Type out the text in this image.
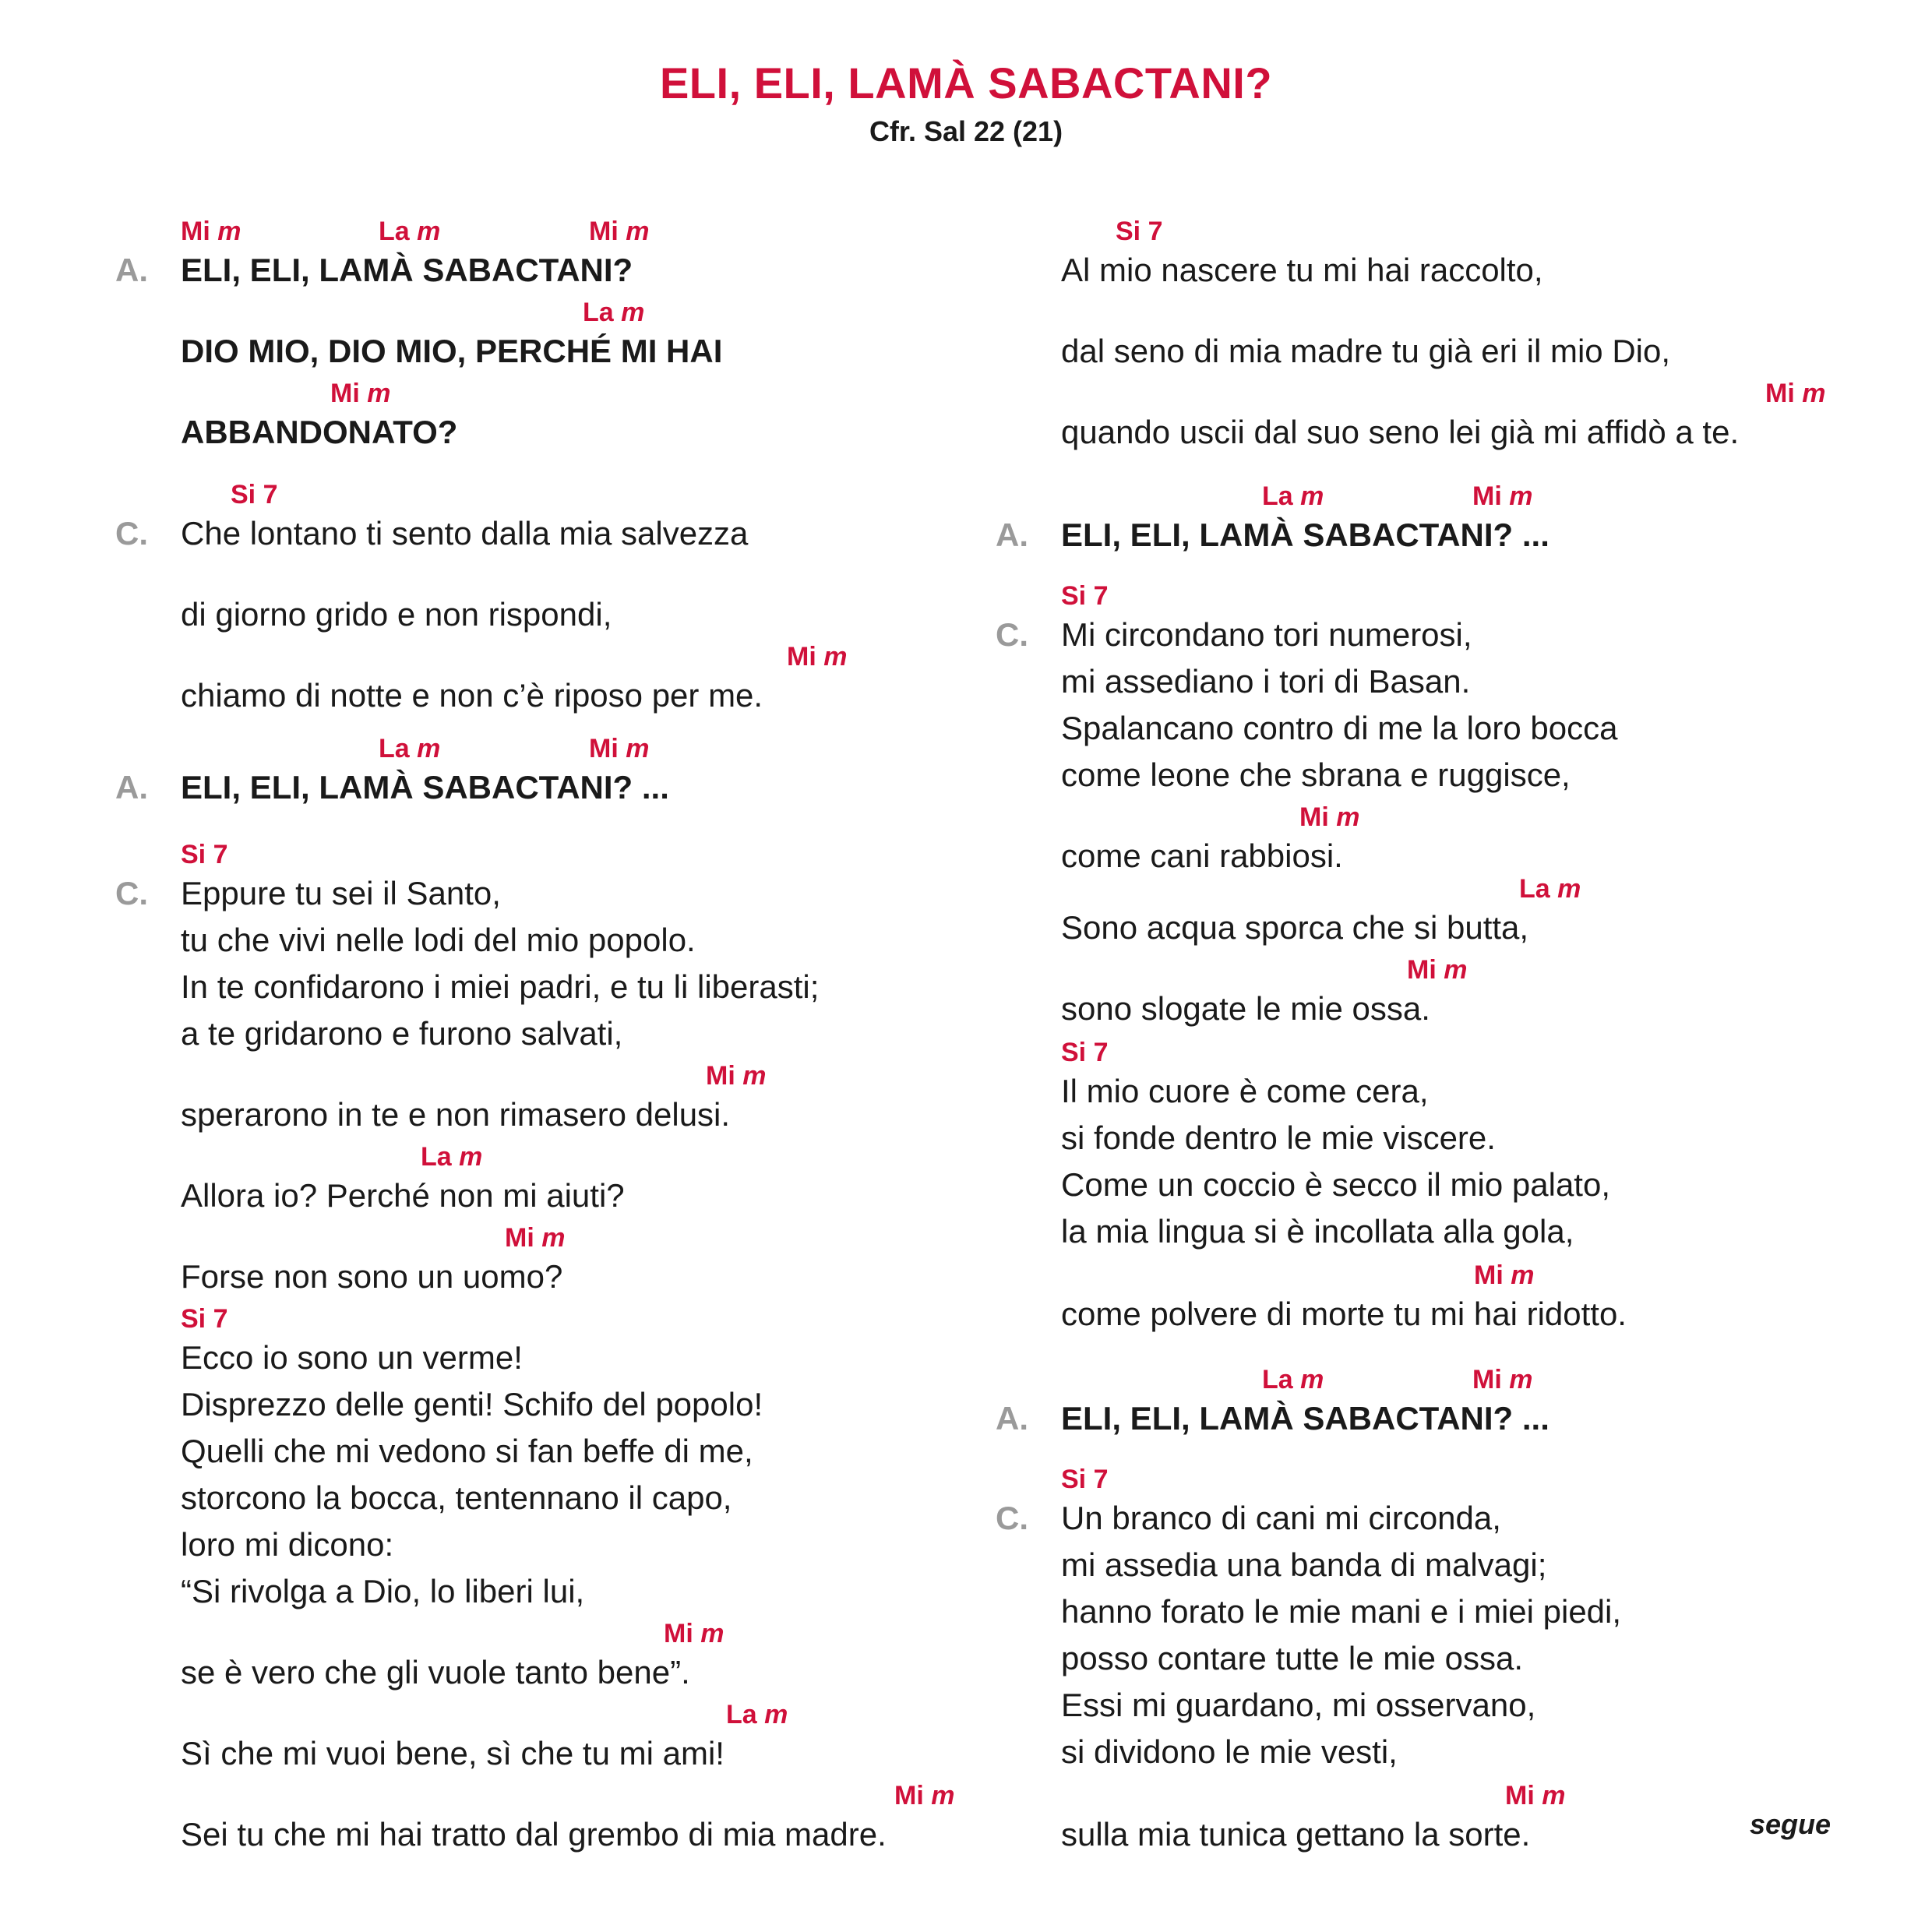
ELI, ELI, LAMÀ SABACTANI?
Cfr. Sal 22 (21)
A. ELI, ELI, LAMÀ SABACTANI?
Mi m	La m	Mi m
DIO MIO, DIO MIO, PERCHÉ MI HAI
La m
ABBANDONATO?
Mi m
C. Che lontano ti sento dalla mia salvezza
Si 7
di giorno grido e non rispondi,
chiamo di notte e non c’è riposo per me.
Mi m
A. ELI, ELI, LAMÀ SABACTANI? ...
La m	Mi m
C. Eppure tu sei il Santo,
Si 7
tu che vivi nelle lodi del mio popolo.
In te confidarono i miei padri, e tu li liberasti;
a te gridarono e furono salvati,
sperarono in te e non rimasero delusi.
Mi m
Allora io? Perché non mi aiuti?
La m
Forse non sono un uomo?
Mi m
Ecco io sono un verme!
Si 7
Disprezzo delle genti! Schifo del popolo!
Quelli che mi vedono si fan beffe di me,
storcono la bocca, tentennano il capo,
loro mi dicono:
“Si rivolga a Dio, lo liberi lui,
se è vero che gli vuole tanto bene”.
Mi m
Sì che mi vuoi bene, sì che tu mi ami!
La m
Sei tu che mi hai tratto dal grembo di mia madre.
Mi m
Al mio nascere tu mi hai raccolto,
Si 7
dal seno di mia madre tu già eri il mio Dio,
quando uscii dal suo seno lei già mi affidò a te.
Mi m
A. ELI, ELI, LAMÀ SABACTANI? ...
La m	Mi m
C. Mi circondano tori numerosi,
Si 7
mi assediano i tori di Basan.
Spalancano contro di me la loro bocca
come leone che sbrana e ruggisce,
come cani rabbiosi.
Mi m
Sono acqua sporca che si butta,
La m
sono slogate le mie ossa.
Mi m
Il mio cuore è come cera,
Si 7
si fonde dentro le mie viscere.
Come un coccio è secco il mio palato,
la mia lingua si è incollata alla gola,
come polvere di morte tu mi hai ridotto.
Mi m
A. ELI, ELI, LAMÀ SABACTANI? ...
La m	Mi m
C. Un branco di cani mi circonda,
Si 7
mi assedia una banda di malvagi;
hanno forato le mie mani e i miei piedi,
posso contare tutte le mie ossa.
Essi mi guardano, mi osservano,
si dividono le mie vesti,
sulla mia tunica gettano la sorte.
Mi m
segue
